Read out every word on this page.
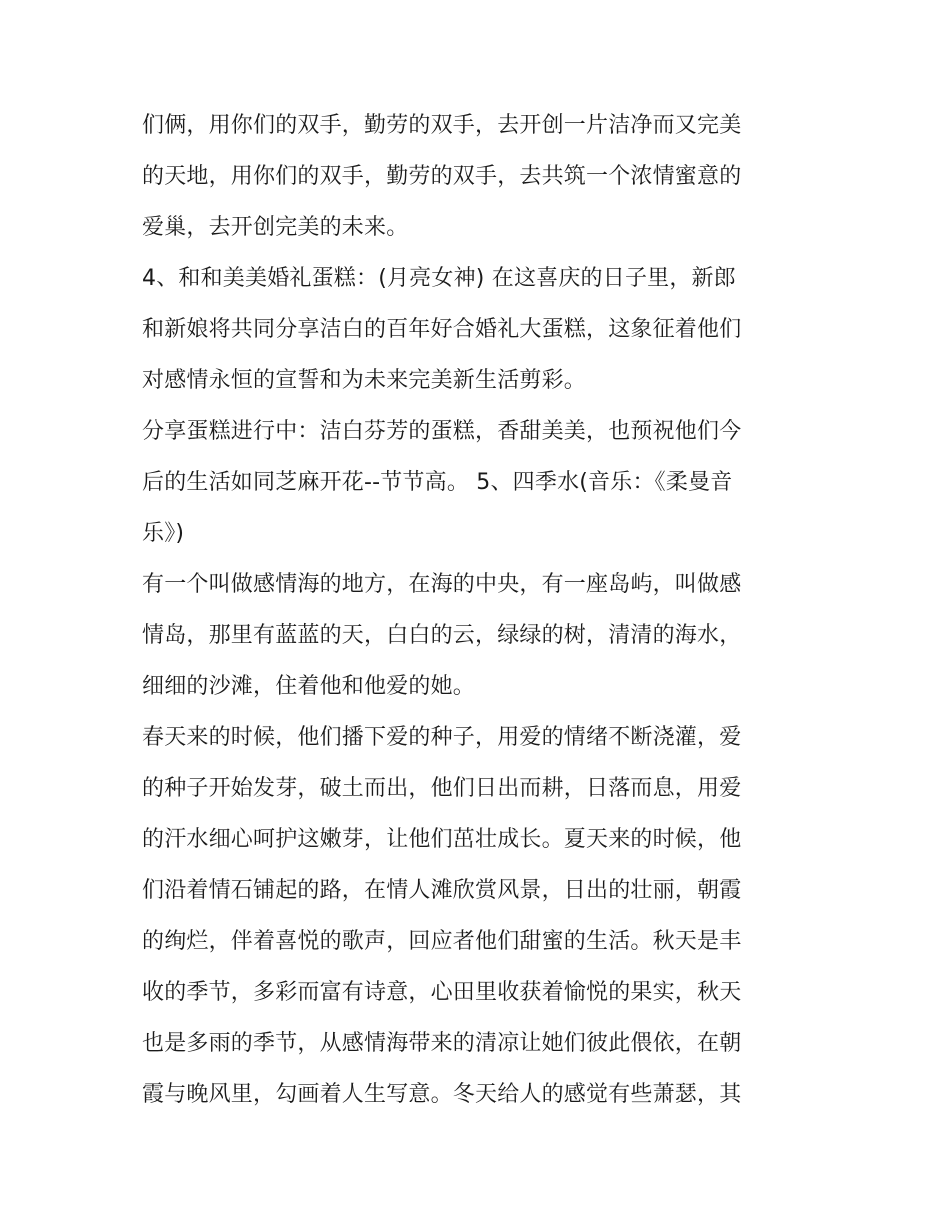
们俩，用你们的双手，勤劳的双手，去开创一片洁净而又完美
的天地，用你们的双手，勤劳的双手，去共筑一个浓情蜜意的
爱巢，去开创完美的未来。
4、和和美美婚礼蛋糕：(月亮女神) 在这喜庆的日子里，新郎
和新娘将共同分享洁白的百年好合婚礼大蛋糕，这象征着他们
对感情永恒的宣誓和为未来完美新生活剪彩。
分享蛋糕进行中：洁白芬芳的蛋糕，香甜美美，也预祝他们今
后的生活如同芝麻开花--节节高。 5、四季水(音乐：《柔曼音
乐》)
有一个叫做感情海的地方，在海的中央，有一座岛屿，叫做感
情岛，那里有蓝蓝的天，白白的云，绿绿的树，清清的海水，
细细的沙滩，住着他和他爱的她。
春天来的时候，他们播下爱的种子，用爱的情绪不断浇灌，爱
的种子开始发芽，破土而出，他们日出而耕，日落而息，用爱
的汗水细心呵护这嫩芽，让他们茁壮成长。夏天来的时候，他
们沿着情石铺起的路，在情人滩欣赏风景，日出的壮丽，朝霞
的绚烂，伴着喜悦的歌声，回应者他们甜蜜的生活。秋天是丰
收的季节，多彩而富有诗意，心田里收获着愉悦的果实，秋天
也是多雨的季节，从感情海带来的清凉让她们彼此偎依，在朝
霞与晚风里，勾画着人生写意。冬天给人的感觉有些萧瑟，其
